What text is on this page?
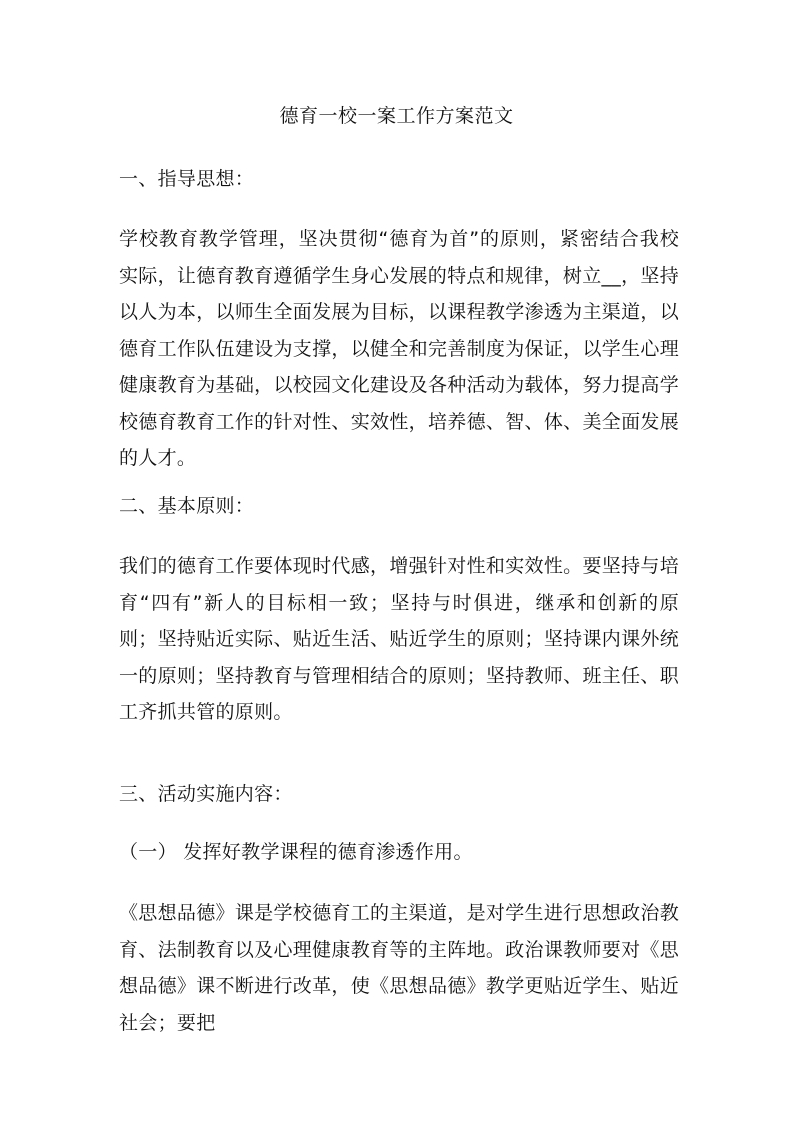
德育一校一案工作方案范文
一、指导思想：
学校教育教学管理，坚决贯彻“德育为首”的原则，紧密结合我校实际，让德育教育遵循学生身心发展的特点和规律，树立__，坚持以人为本，以师生全面发展为目标，以课程教学渗透为主渠道，以德育工作队伍建设为支撑，以健全和完善制度为保证，以学生心理健康教育为基础，以校园文化建设及各种活动为载体，努力提高学校德育教育工作的针对性、实效性，培养德、智、体、美全面发展的人才。
二、基本原则：
我们的德育工作要体现时代感，增强针对性和实效性。要坚持与培育“四有”新人的目标相一致；坚持与时俱进，继承和创新的原则；坚持贴近实际、贴近生活、贴近学生的原则；坚持课内课外统一的原则；坚持教育与管理相结合的原则；坚持教师、班主任、职工齐抓共管的原则。
三、活动实施内容：
（一） 发挥好教学课程的德育渗透作用。
《思想品德》课是学校德育工的主渠道，是对学生进行思想政治教育、法制教育以及心理健康教育等的主阵地。政治课教师要对《思想品德》课不断进行改革，使《思想品德》教学更贴近学生、贴近社会；要把
